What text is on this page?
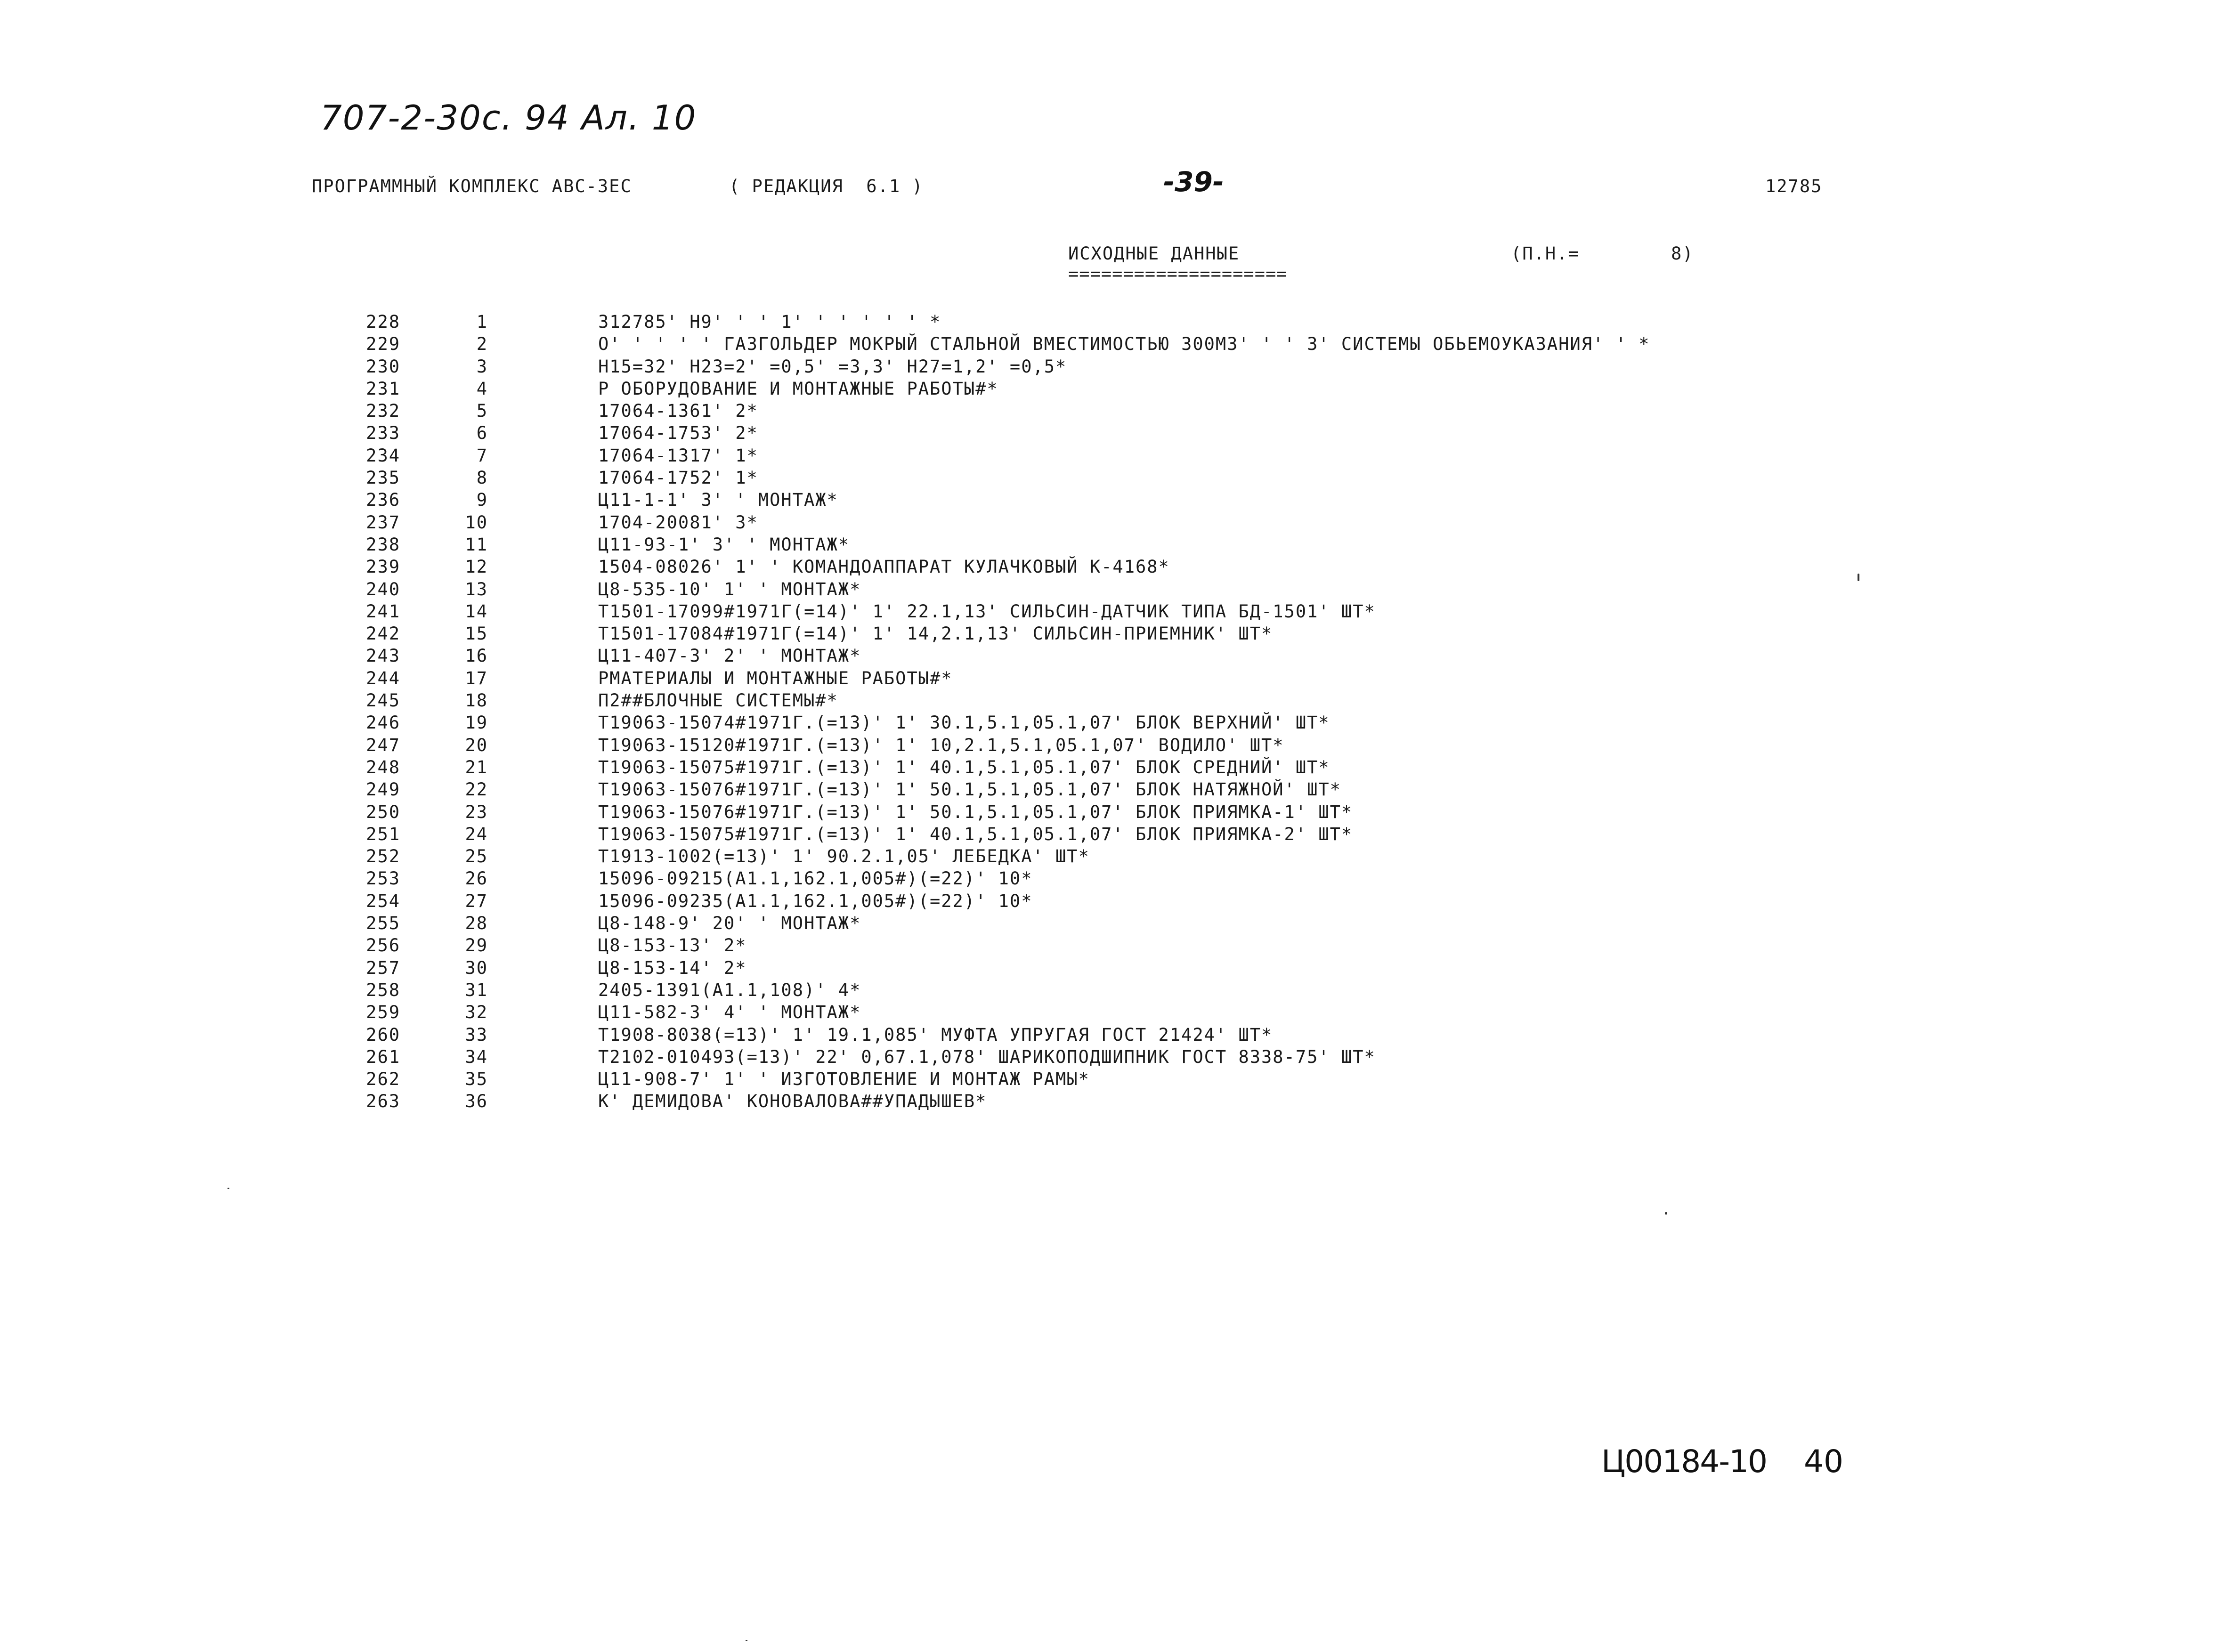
707-2-30с. 94 Ал. 10
ПРОГРАММНЫЙ КОМПЛЕКС АВС-3ЕС	( РЕДАКЦИЯ  6.1 )	-39-	12785
ИСХОДНЫЕ ДАННЫЕ
====================
(П.Н.=	8)
228	1	312785' Н9' ' ' 1' ' ' ' ' ' *
229	2	О' ' ' ' ' ГАЗГОЛЬДЕР МОКРЫЙ СТАЛЬНОЙ ВМЕСТИМОСТЬЮ 300М3' ' ' 3' СИСТЕМЫ ОБЬЕМОУКАЗАНИЯ' ' *
230	3	Н15=32' Н23=2' =0,5' =3,3' Н27=1,2' =0,5*
231	4	Р ОБОРУДОВАНИЕ И МОНТАЖНЫЕ РАБОТЫ#*
232	5	17064-1361' 2*
233	6	17064-1753' 2*
234	7	17064-1317' 1*
235	8	17064-1752' 1*
236	9	Ц11-1-1' 3' ' МОНТАЖ*
237	10	1704-20081' 3*
238	11	Ц11-93-1' 3' ' МОНТАЖ*
239	12	1504-08026' 1' ' КОМАНДОАППАРАТ КУЛАЧКОВЫЙ К-4168*
240	13	Ц8-535-10' 1' ' МОНТАЖ*
241	14	Т1501-17099#1971Г(=14)' 1' 22.1,13' СИЛЬСИН-ДАТЧИК ТИПА БД-1501' ШТ*
242	15	Т1501-17084#1971Г(=14)' 1' 14,2.1,13' СИЛЬСИН-ПРИЕМНИК' ШТ*
243	16	Ц11-407-3' 2' ' МОНТАЖ*
244	17	РМАТЕРИАЛЫ И МОНТАЖНЫЕ РАБОТЫ#*
245	18	П2##БЛОЧНЫЕ СИСТЕМЫ#*
246	19	Т19063-15074#1971Г.(=13)' 1' 30.1,5.1,05.1,07' БЛОК ВЕРХНИЙ' ШТ*
247	20	Т19063-15120#1971Г.(=13)' 1' 10,2.1,5.1,05.1,07' ВОДИЛО' ШТ*
248	21	Т19063-15075#1971Г.(=13)' 1' 40.1,5.1,05.1,07' БЛОК СРЕДНИЙ' ШТ*
249	22	Т19063-15076#1971Г.(=13)' 1' 50.1,5.1,05.1,07' БЛОК НАТЯЖНОЙ' ШТ*
250	23	Т19063-15076#1971Г.(=13)' 1' 50.1,5.1,05.1,07' БЛОК ПРИЯМКА-1' ШТ*
251	24	Т19063-15075#1971Г.(=13)' 1' 40.1,5.1,05.1,07' БЛОК ПРИЯМКА-2' ШТ*
252	25	Т1913-1002(=13)' 1' 90.2.1,05' ЛЕБЕДКА' ШТ*
253	26	15096-09215(А1.1,162.1,005#)(=22)' 10*
254	27	15096-09235(А1.1,162.1,005#)(=22)' 10*
255	28	Ц8-148-9' 20' ' МОНТАЖ*
256	29	Ц8-153-13' 2*
257	30	Ц8-153-14' 2*
258	31	2405-1391(А1.1,108)' 4*
259	32	Ц11-582-3' 4' ' МОНТАЖ*
260	33	Т1908-8038(=13)' 1' 19.1,085' МУФТА УПРУГАЯ ГОСТ 21424' ШТ*
261	34	Т2102-010493(=13)' 22' 0,67.1,078' ШАРИКОПОДШИПНИК ГОСТ 8338-75' ШТ*
262	35	Ц11-908-7' 1' ' ИЗГОТОВЛЕНИЕ И МОНТАЖ РАМЫ*
263	36	К' ДЕМИДОВА' КОНОВАЛОВА##УПАДЫШЕВ*
Ц00184-10 40
